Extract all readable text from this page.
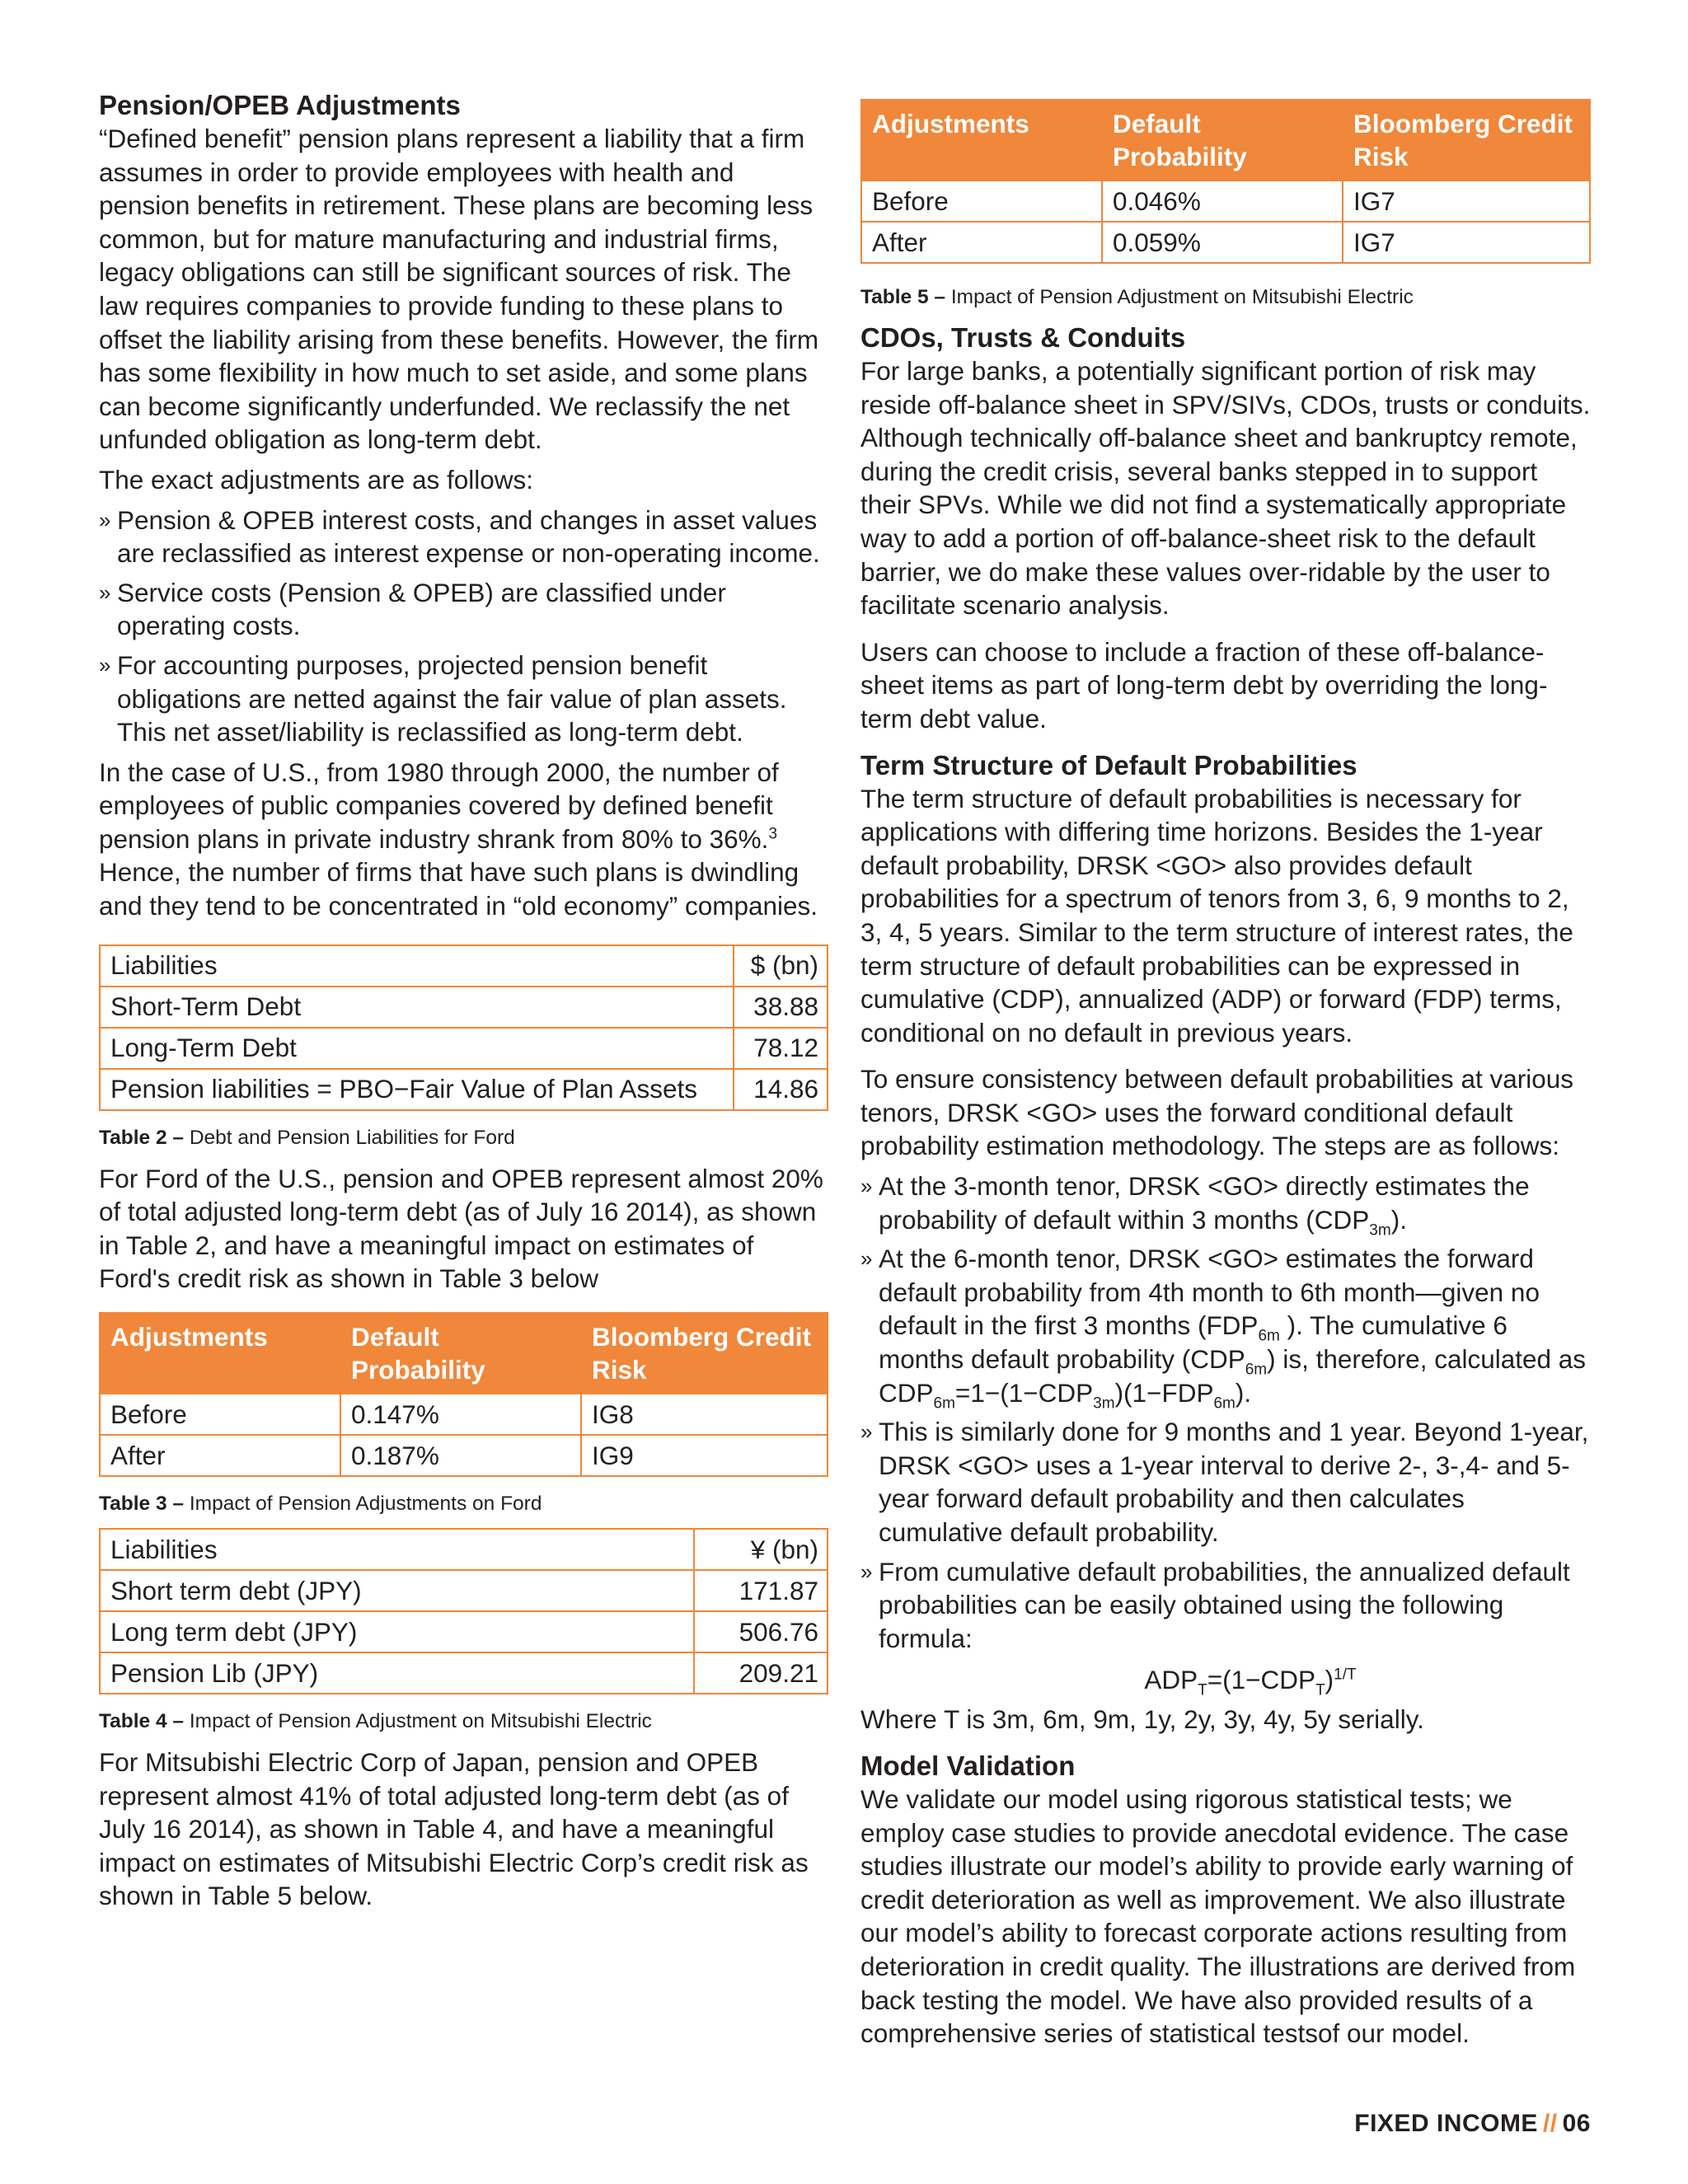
Pension/OPEB Adjustments

“Defined benefit” pension plans represent a liability that a firm assumes in order to provide employees with health and pension benefits in retirement. These plans are becoming less common, but for mature manufacturing and industrial firms, legacy obligations can still be significant sources of risk. The law requires companies to provide funding to these plans to offset the liability arising from these benefits. However, the firm has some flexibility in how much to set aside, and some plans can become significantly underfunded. We reclassify the net unfunded obligation as long-term debt.

The exact adjustments are as follows:

» Pension & OPEB interest costs, and changes in asset values are reclassified as interest expense or non-operating income.
» Service costs (Pension & OPEB) are classified under operating costs.
» For accounting purposes, projected pension benefit obligations are netted against the fair value of plan assets. This net asset/liability is reclassified as long-term debt.

In the case of U.S., from 1980 through 2000, the number of employees of public companies covered by defined benefit pension plans in private industry shrank from 80% to 36%.$^3$ Hence, the number of firms that have such plans is dwindling and they tend to be concentrated in “old economy” companies.

Liabilities	$ (bn)
Short-Term Debt	38.88
Long-Term Debt	78.12
Pension liabilities = PBO−Fair Value of Plan Assets	14.86

Table 2 – Debt and Pension Liabilities for Ford

For Ford of the U.S., pension and OPEB represent almost 20% of total adjusted long-term debt (as of July 16 2014), as shown in Table 2, and have a meaningful impact on estimates of Ford's credit risk as shown in Table 3 below

Adjustments	Default Probability	Bloomberg Credit Risk
Before	0.147%	IG8
After	0.187%	IG9

Table 3 – Impact of Pension Adjustments on Ford

Liabilities	¥ (bn)
Short term debt (JPY)	171.87
Long term debt (JPY)	506.76
Pension Lib (JPY)	209.21

Table 4 – Impact of Pension Adjustment on Mitsubishi Electric

For Mitsubishi Electric Corp of Japan, pension and OPEB represent almost 41% of total adjusted long-term debt (as of July 16 2014), as shown in Table 4, and have a meaningful impact on estimates of Mitsubishi Electric Corp’s credit risk as shown in Table 5 below.

Adjustments	Default Probability	Bloomberg Credit Risk
Before	0.046%	IG7
After	0.059%	IG7

Table 5 – Impact of Pension Adjustment on Mitsubishi Electric

CDOs, Trusts & Conduits

For large banks, a potentially significant portion of risk may reside off-balance sheet in SPV/SIVs, CDOs, trusts or conduits. Although technically off-balance sheet and bankruptcy remote, during the credit crisis, several banks stepped in to support their SPVs. While we did not find a systematically appropriate way to add a portion of off-balance-sheet risk to the default barrier, we do make these values over-ridable by the user to facilitate scenario analysis.

Users can choose to include a fraction of these off-balance-sheet items as part of long-term debt by overriding the long-term debt value.

Term Structure of Default Probabilities

The term structure of default probabilities is necessary for applications with differing time horizons. Besides the 1-year default probability, DRSK <GO> also provides default probabilities for a spectrum of tenors from 3, 6, 9 months to 2, 3, 4, 5 years. Similar to the term structure of interest rates, the term structure of default probabilities can be expressed in cumulative (CDP), annualized (ADP) or forward (FDP) terms, conditional on no default in previous years.

To ensure consistency between default probabilities at various tenors, DRSK <GO> uses the forward conditional default probability estimation methodology. The steps are as follows:

» At the 3-month tenor, DRSK <GO> directly estimates the probability of default within 3 months $(CDP_{3m})$.
» At the 6-month tenor, DRSK <GO> estimates the forward default probability from 4th month to 6th month—given no default in the first 3 months ($FDP_{6m}$ ). The cumulative 6 months default probability $(CDP_{6m})$ is, therefore, calculated as $CDP_{6m}=1-(1-CDP_{3m})(1-FDP_{6m})$.
» This is similarly done for 9 months and 1 year. Beyond 1-year, DRSK <GO> uses a 1-year interval to derive 2-, 3-,4- and 5-year forward default probability and then calculates cumulative default probability.
» From cumulative default probabilities, the annualized default probabilities can be easily obtained using the following formula:

$ADP_T=(1-CDP_T)^{1/T}$

Where T is 3m, 6m, 9m, 1y, 2y, 3y, 4y, 5y serially.

Model Validation

We validate our model using rigorous statistical tests; we employ case studies to provide anecdotal evidence. The case studies illustrate our model’s ability to provide early warning of credit deterioration as well as improvement. We also illustrate our model’s ability to forecast corporate actions resulting from deterioration in credit quality. The illustrations are derived from back testing the model. We have also provided results of a comprehensive series of statistical testsof our model.

FIXED INCOME // 06
